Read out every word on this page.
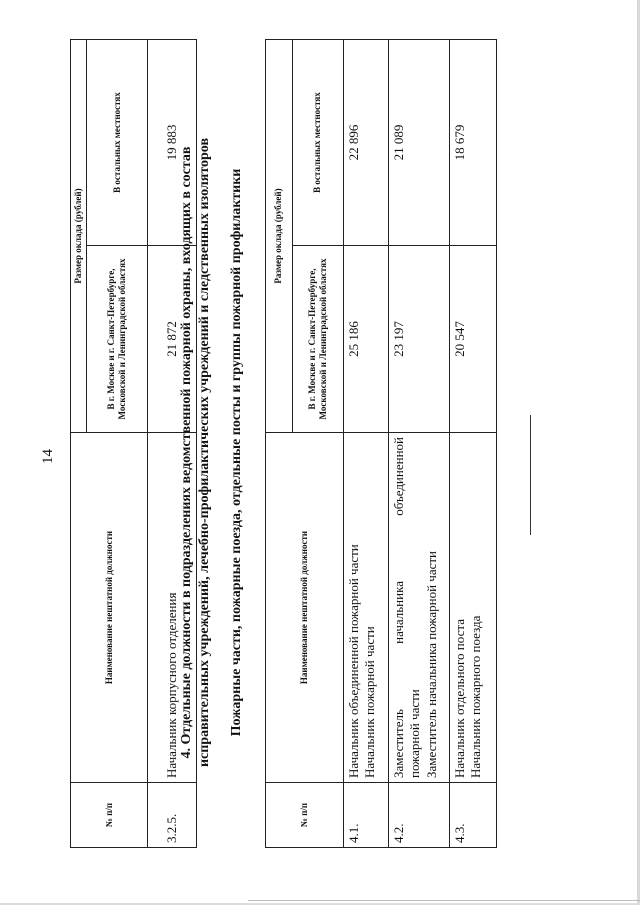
14
№ п/п	Наименование нештатной должности	Размер оклада (рублей)	
		В г. Москве и г. Санкт-Петербурге, Московской и Ленинградской областях	В остальных местностях
3.2.5.	Начальник корпусного отделения	21 872	19 883
4. Отдельные должности в подразделениях ведомственной пожарной охраны, входящих в состав исправительных учреждений, лечебно-профилактических учреждений и следственных изоляторов Пожарные части, пожарные поезда, отдельные посты и группы пожарной профилактики
№ п/п	Наименование нештатной должности	Размер оклада (рублей)	
		В г. Москве и г. Санкт-Петербурге, Московской и Ленинградской областях	В остальных местностях
4.1.	Начальник объединенной пожарной части Начальник пожарной части	25 186	22 896
4.2.	Заместитель начальника объединенной пожарной части Заместитель начальника пожарной части	23 197	21 089
4.3.	Начальник отдельного поста Начальник пожарного поезда	20 547	18 679
